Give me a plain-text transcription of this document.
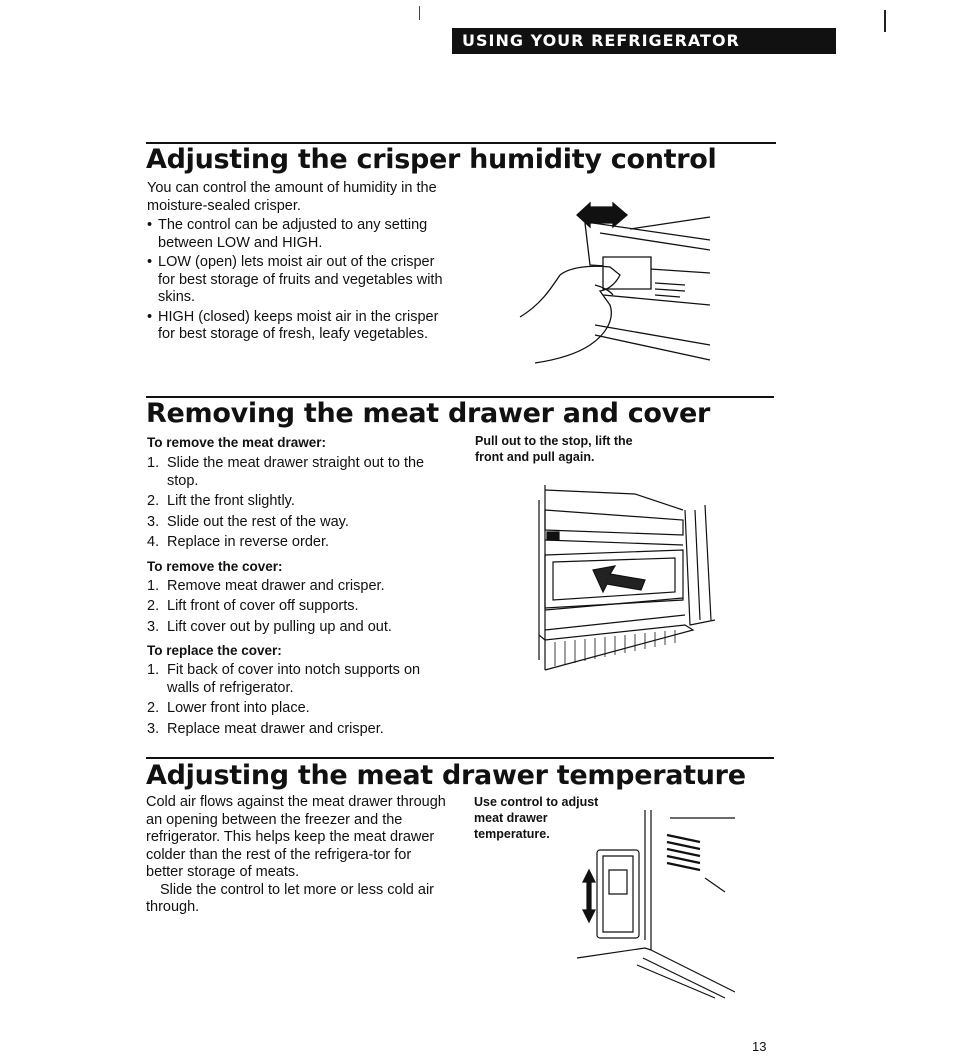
USING YOUR REFRIGERATOR
Adjusting the crisper humidity control
You can control the amount of humidity in the moisture-sealed crisper.
• The control can be adjusted to any setting between LOW and HIGH.
• LOW (open) lets moist air out of the crisper for best storage of fruits and vegetables with skins.
• HIGH (closed) keeps moist air in the crisper for best storage of fresh, leafy vegetables.
Removing the meat drawer and cover
To remove the meat drawer:
1. Slide the meat drawer straight out to the stop.
2. Lift the front slightly.
3. Slide out the rest of the way.
4. Replace in reverse order.
To remove the cover:
1. Remove meat drawer and crisper.
2. Lift front of cover off supports.
3. Lift cover out by pulling up and out.
To replace the cover:
1. Fit back of cover into notch supports on walls of refrigerator.
2. Lower front into place.
3. Replace meat drawer and crisper.
Pull out to the stop, lift the front and pull again.
Adjusting the meat drawer temperature
Cold air flows against the meat drawer through an opening between the freezer and the refrigerator. This helps keep the meat drawer colder than the rest of the refrigera-tor for better storage of meats.
Slide the control to let more or less cold air through.
Use control to adjust meat drawer temperature.
13
